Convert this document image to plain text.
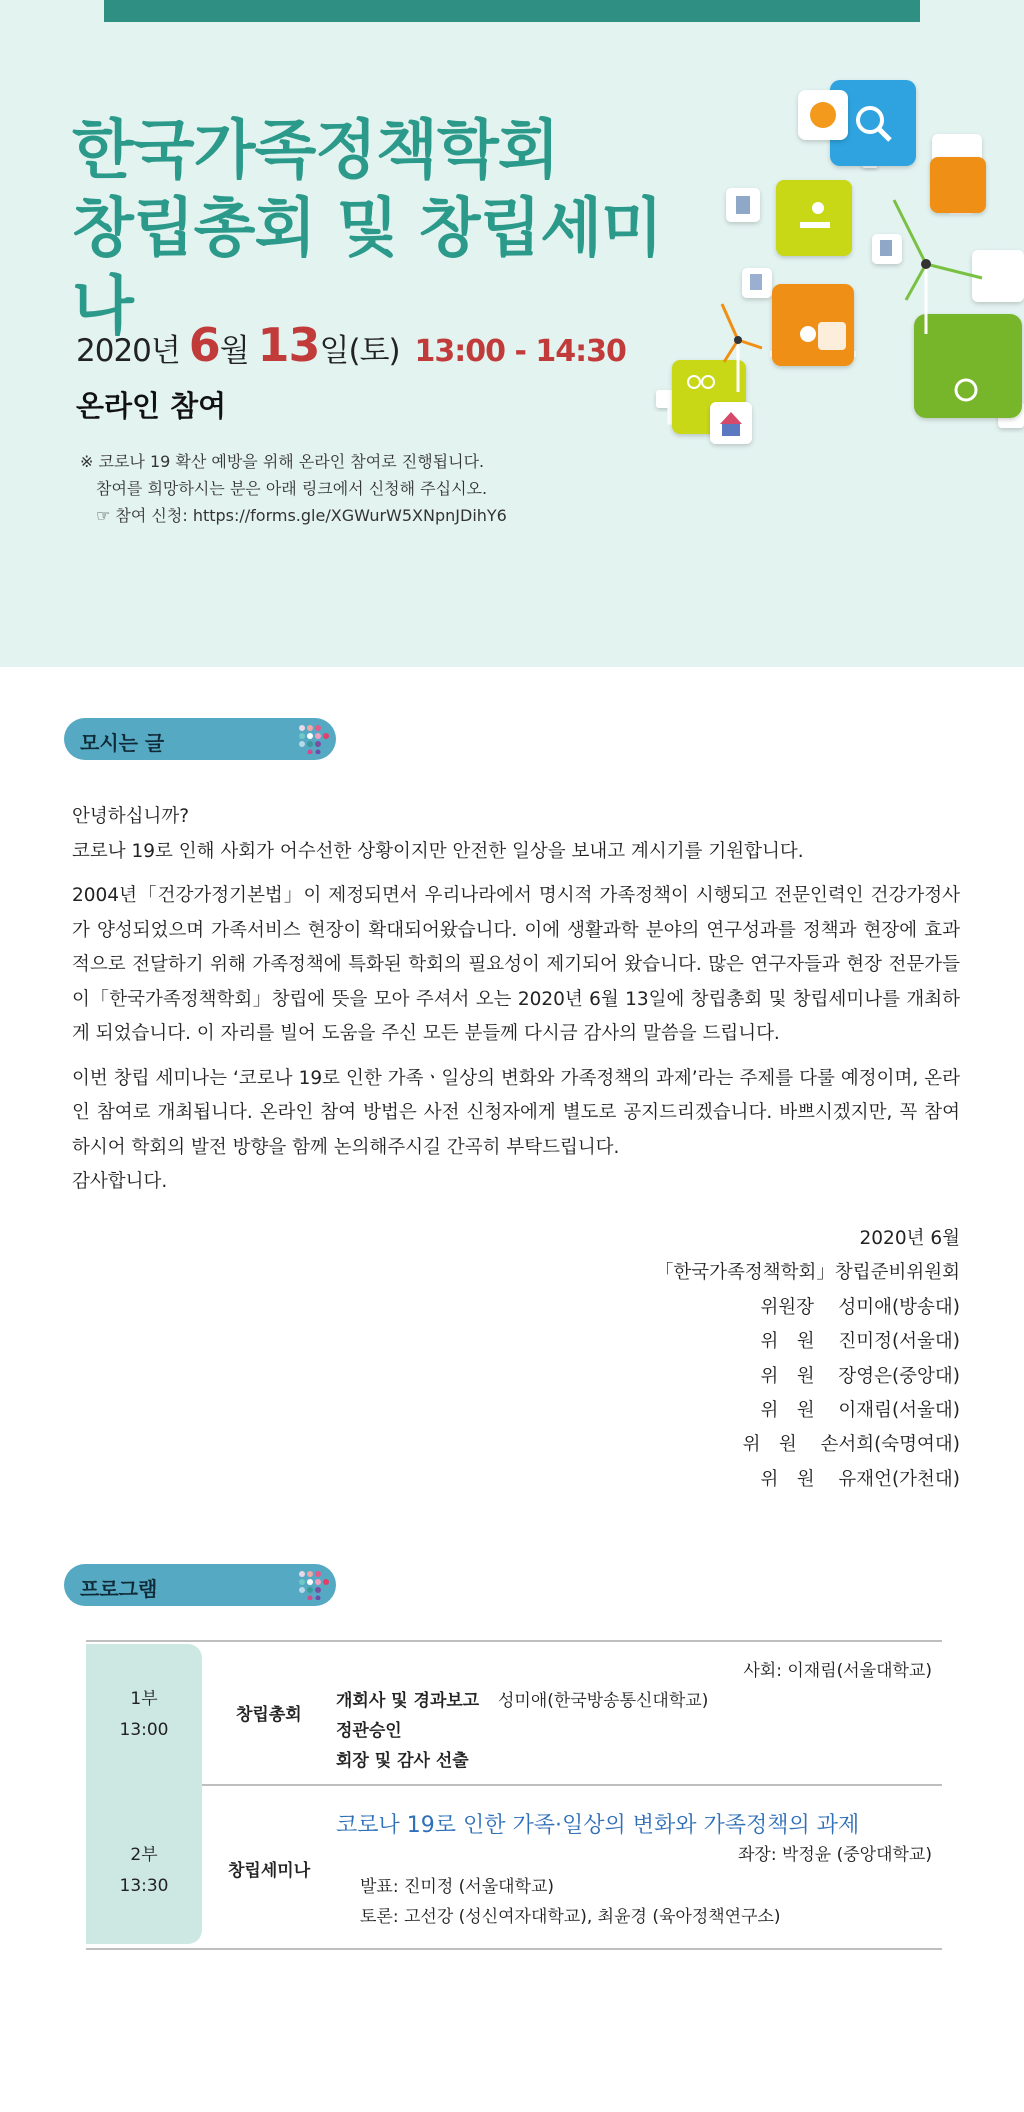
한국가족정책학회
창립총회 및 창립세미나
2020년 6월 13일(토) 13:00 - 14:30
온라인 참여
※ 코로나 19 확산 예방을 위해 온라인 참여로 진행됩니다.
참여를 희망하시는 분은 아래 링크에서 신청해 주십시오.
☞ 참여 신청: https://forms.gle/XGWurW5XNpnJDihY6
모시는 글

안녕하십니까?

코로나 19로 인해 사회가 어수선한 상황이지만 안전한 일상을 보내고 계시기를 기원합니다.

2004년「건강가정기본법」이 제정되면서 우리나라에서 명시적 가족정책이 시행되고 전문인력인 건강가정사가 양성되었으며 가족서비스 현장이 확대되어왔습니다. 이에 생활과학 분야의 연구성과를 정책과 현장에 효과적으로 전달하기 위해 가족정책에 특화된 학회의 필요성이 제기되어 왔습니다. 많은 연구자들과 현장 전문가들이「한국가족정책학회」창립에 뜻을 모아 주셔서 오는 2020년 6월 13일에 창립총회 및 창립세미나를 개최하게 되었습니다. 이 자리를 빌어 도움을 주신 모든 분들께 다시금 감사의 말씀을 드립니다.

이번 창립 세미나는 ‘코로나 19로 인한 가족ㆍ일상의 변화와 가족정책의 과제’라는 주제를 다룰 예정이며, 온라인 참여로 개최됩니다. 온라인 참여 방법은 사전 신청자에게 별도로 공지드리겠습니다. 바쁘시겠지만, 꼭 참여하시어 학회의 발전 방향을 함께 논의해주시길 간곡히 부탁드립니다.

감사합니다.

2020년 6월
「한국가족정책학회」창립준비위원회
위원장 성미애(방송대)
위　원 진미정(서울대)
위　원 장영은(중앙대)
위　원 이재림(서울대)
위　원 손서희(숙명여대)
위　원 유재언(가천대)
프로그램
1부
13:00
창립총회
사회: 이재림(서울대학교)
개회사 및 경과보고 성미애(한국방송통신대학교)
정관승인
회장 및 감사 선출
2부
13:30
창립세미나
코로나 19로 인한 가족·일상의 변화와 가족정책의 과제
좌장: 박정윤 (중앙대학교)
발표: 진미정 (서울대학교)
토론: 고선강 (성신여자대학교), 최윤경 (육아정책연구소)
